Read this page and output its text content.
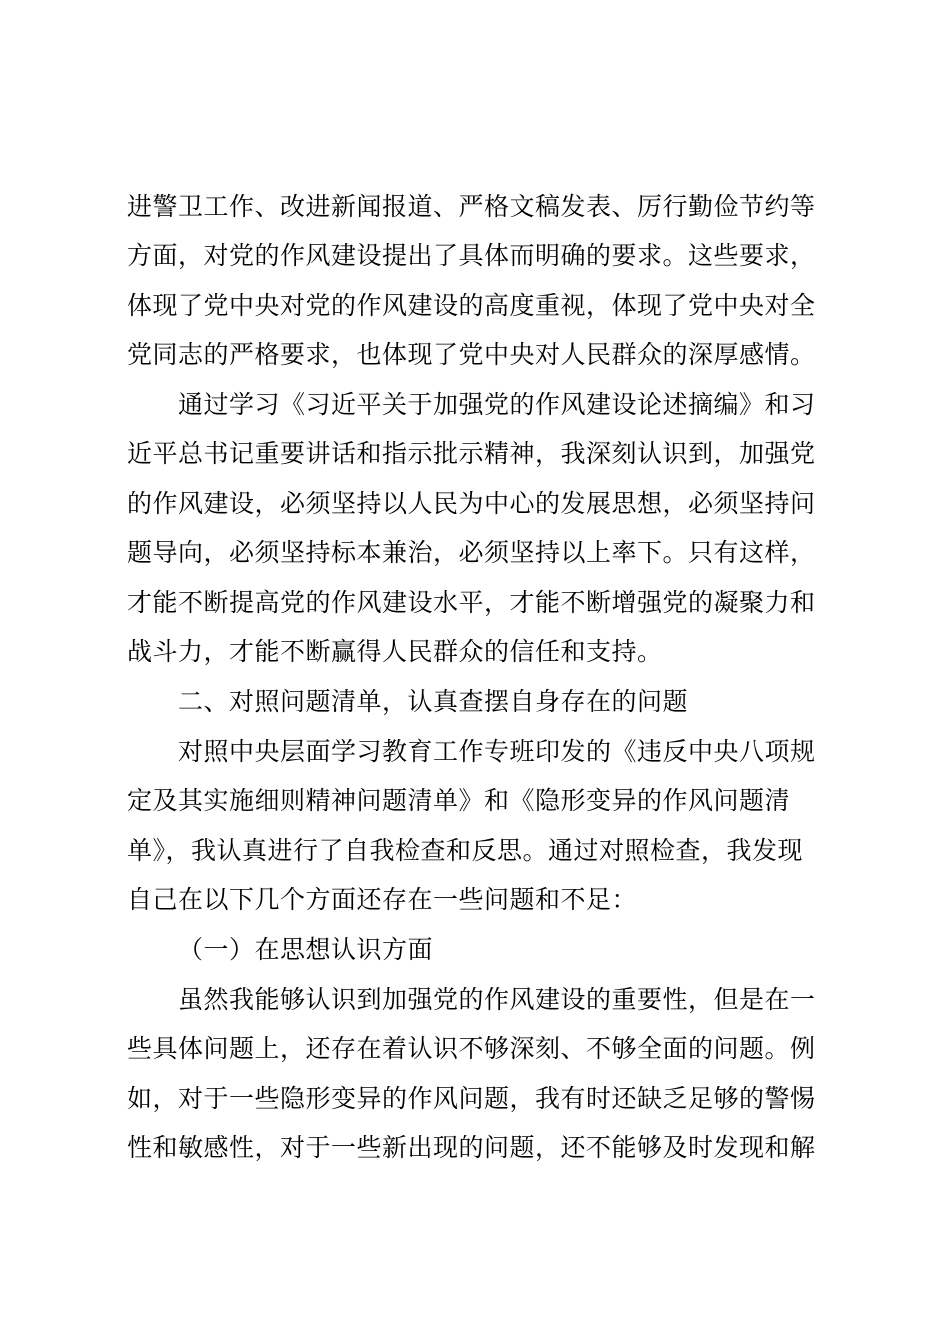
进警卫工作、改进新闻报道、严格文稿发表、厉行勤俭节约等
方面，对党的作风建设提出了具体而明确的要求。这些要求，
体现了党中央对党的作风建设的高度重视，体现了党中央对全
党同志的严格要求，也体现了党中央对人民群众的深厚感情。
通过学习《习近平关于加强党的作风建设论述摘编》和习
近平总书记重要讲话和指示批示精神，我深刻认识到，加强党
的作风建设，必须坚持以人民为中心的发展思想，必须坚持问
题导向，必须坚持标本兼治，必须坚持以上率下。只有这样，
才能不断提高党的作风建设水平，才能不断增强党的凝聚力和
战斗力，才能不断赢得人民群众的信任和支持。
二、对照问题清单，认真查摆自身存在的问题
对照中央层面学习教育工作专班印发的《违反中央八项规
定及其实施细则精神问题清单》和《隐形变异的作风问题清
单》，我认真进行了自我检查和反思。通过对照检查，我发现
自己在以下几个方面还存在一些问题和不足：
（一）在思想认识方面
虽然我能够认识到加强党的作风建设的重要性，但是在一
些具体问题上，还存在着认识不够深刻、不够全面的问题。例
如，对于一些隐形变异的作风问题，我有时还缺乏足够的警惕
性和敏感性，对于一些新出现的问题，还不能够及时发现和解
